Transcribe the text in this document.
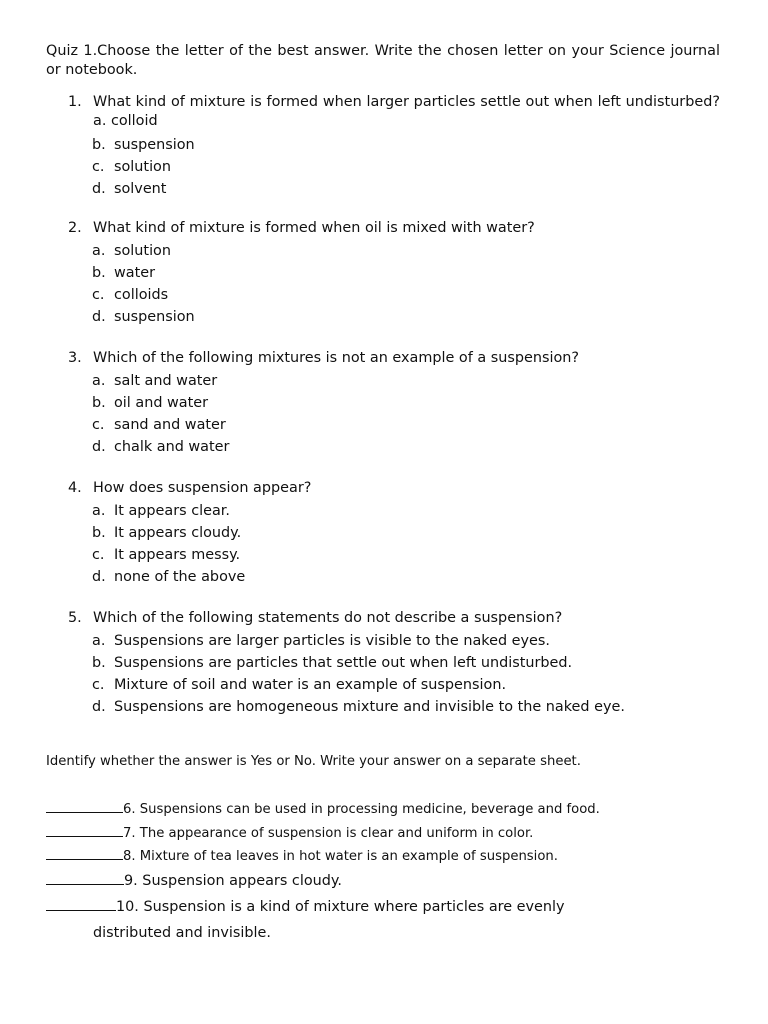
Quiz 1.Choose the letter of the best answer. Write the chosen letter on your Science journal or notebook.

1. What kind of mixture is formed when larger particles settle out when left undisturbed? a. colloid
b. suspension
c. solution
d. solvent
2. What kind of mixture is formed when oil is mixed with water?
a. solution
b. water
c. colloids
d. suspension
3. Which of the following mixtures is not an example of a suspension?
a. salt and water
b. oil and water
c. sand and water
d. chalk and water
4. How does suspension appear?
a. It appears clear.
b. It appears cloudy.
c. It appears messy.
d. none of the above
5. Which of the following statements do not describe a suspension?
a. Suspensions are larger particles is visible to the naked eyes.
b. Suspensions are particles that settle out when left undisturbed.
c. Mixture of soil and water is an example of suspension.
d. Suspensions are homogeneous mixture and invisible to the naked eye.

Identify whether the answer is Yes or No. Write your answer on a separate sheet.

6. Suspensions can be used in processing medicine, beverage and food.
7. The appearance of suspension is clear and uniform in color.
8. Mixture of tea leaves in hot water is an example of suspension.
9. Suspension appears cloudy.
10. Suspension is a kind of mixture where particles are evenly
distributed and invisible.
